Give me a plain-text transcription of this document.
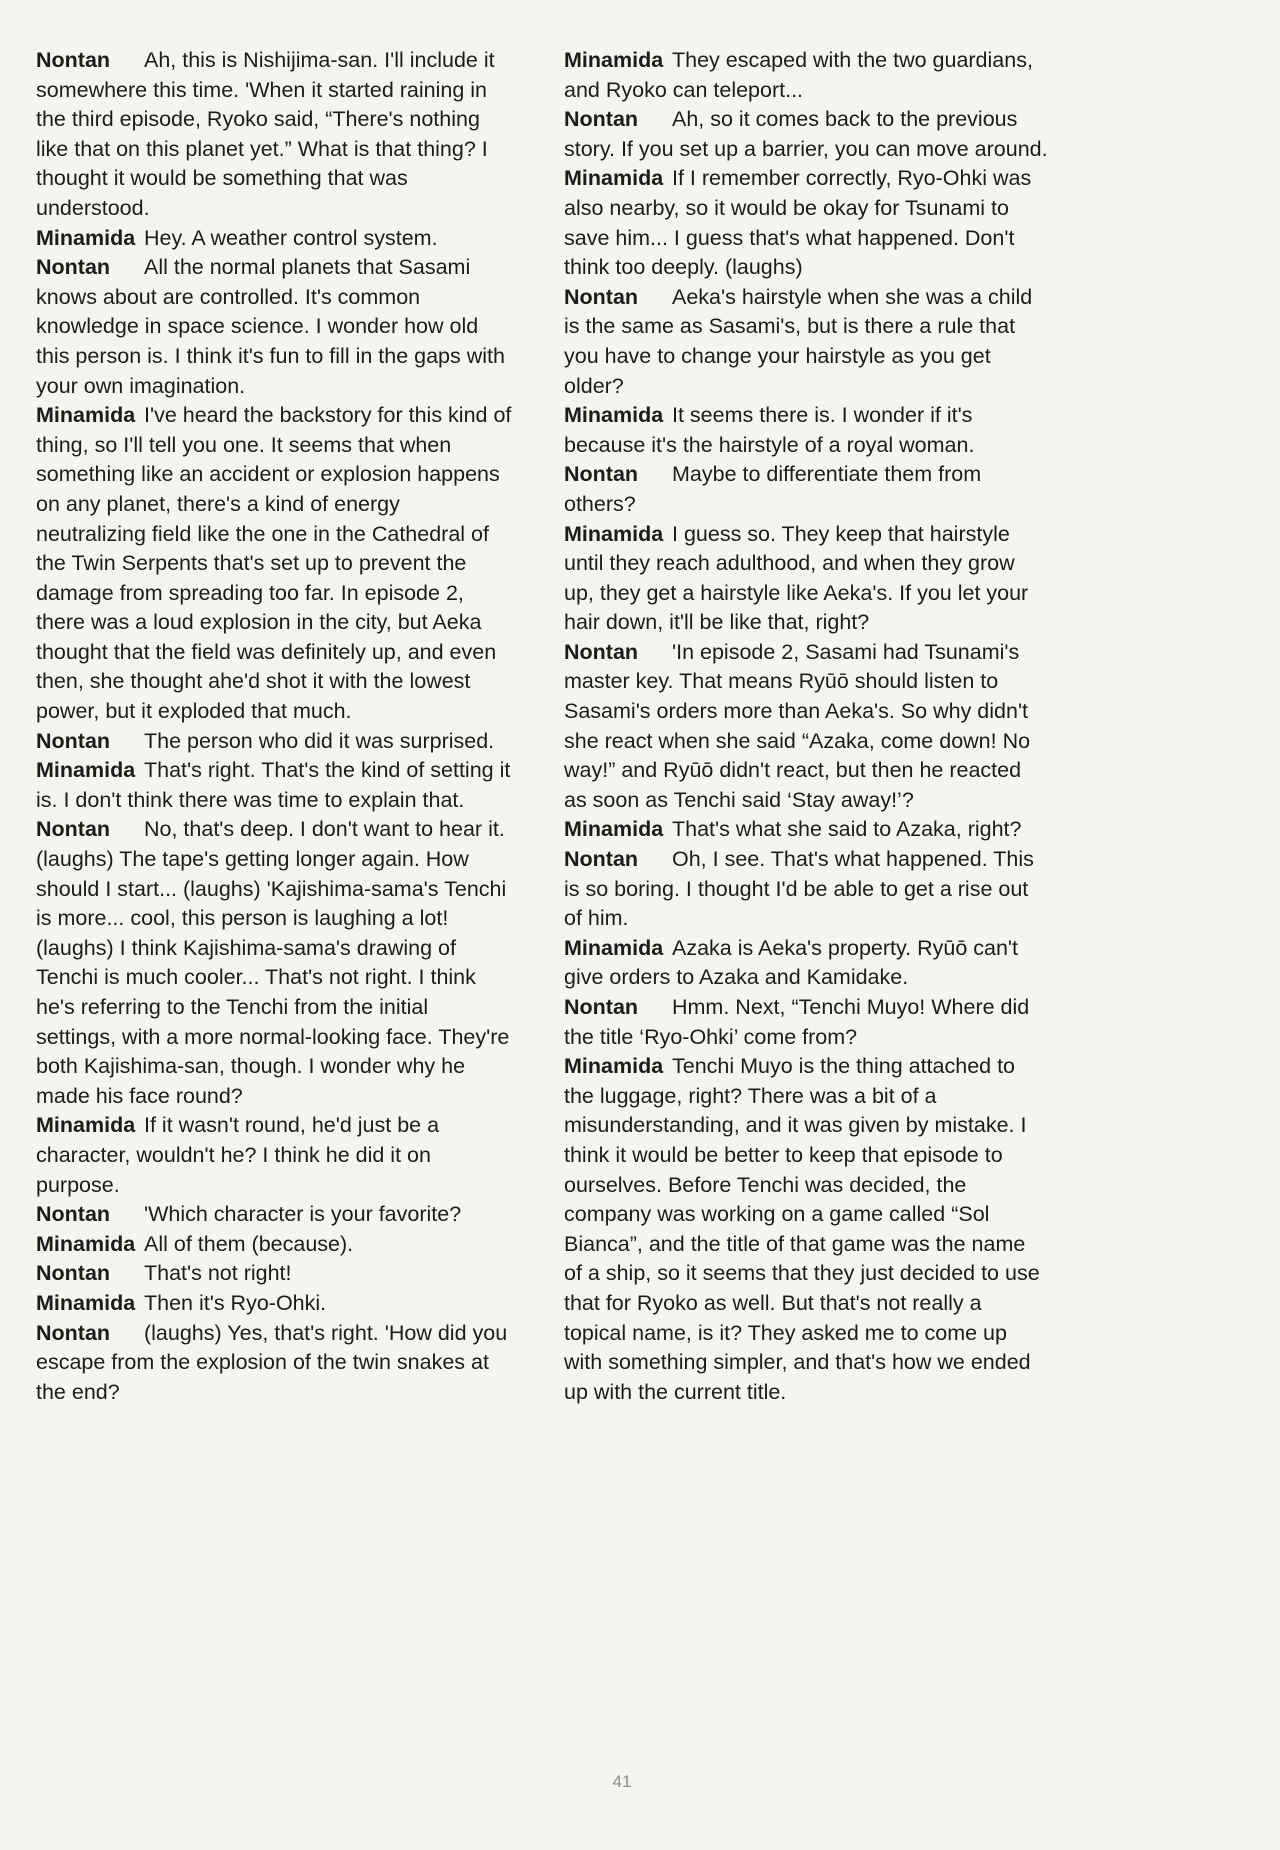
Nontan Ah, this is Nishijima-san. I'll include it somewhere this time. 'When it started raining in the third episode, Ryoko said, “There's nothing like that on this planet yet.” What is that thing? I thought it would be something that was understood.

Minamida Hey. A weather control system.

Nontan All the normal planets that Sasami knows about are controlled. It's common knowledge in space science. I wonder how old this person is. I think it's fun to fill in the gaps with your own imagination.

Minamida I've heard the backstory for this kind of thing, so I'll tell you one. It seems that when something like an accident or explosion happens on any planet, there's a kind of energy neutralizing field like the one in the Cathedral of the Twin Serpents that's set up to prevent the damage from spreading too far. In episode 2, there was a loud explosion in the city, but Aeka thought that the field was definitely up, and even then, she thought ahe'd shot it with the lowest power, but it exploded that much.

Nontan The person who did it was surprised.

Minamida That's right. That's the kind of setting it is. I don't think there was time to explain that.

Nontan No, that's deep. I don't want to hear it. (laughs) The tape's getting longer again. How should I start... (laughs) 'Kajishima-sama's Tenchi is more... cool, this person is laughing a lot! (laughs) I think Kajishima-sama's drawing of Tenchi is much cooler... That's not right. I think he's referring to the Tenchi from the initial settings, with a more normal-looking face. They're both Kajishima-san, though. I wonder why he made his face round?

Minamida If it wasn't round, he'd just be a character, wouldn't he? I think he did it on purpose.

Nontan 'Which character is your favorite?

Minamida All of them (because).

Nontan That's not right!

Minamida Then it's Ryo-Ohki.

Nontan (laughs) Yes, that's right. 'How did you escape from the explosion of the twin snakes at the end?

Minamida They escaped with the two guardians, and Ryoko can teleport...

Nontan Ah, so it comes back to the previous story. If you set up a barrier, you can move around.

Minamida If I remember correctly, Ryo-Ohki was also nearby, so it would be okay for Tsunami to save him... I guess that's what happened. Don't think too deeply. (laughs)

Nontan Aeka's hairstyle when she was a child is the same as Sasami's, but is there a rule that you have to change your hairstyle as you get older?

Minamida It seems there is. I wonder if it's because it's the hairstyle of a royal woman.

Nontan Maybe to differentiate them from others?

Minamida I guess so. They keep that hairstyle until they reach adulthood, and when they grow up, they get a hairstyle like Aeka's. If you let your hair down, it'll be like that, right?

Nontan 'In episode 2, Sasami had Tsunami's master key. That means Ryūō should listen to Sasami's orders more than Aeka's. So why didn't she react when she said “Azaka, come down! No way!” and Ryūō didn't react, but then he reacted as soon as Tenchi said ‘Stay away!’?

Minamida That's what she said to Azaka, right?

Nontan Oh, I see. That's what happened. This is so boring. I thought I'd be able to get a rise out of him.

Minamida Azaka is Aeka's property. Ryūō can't give orders to Azaka and Kamidake.

Nontan Hmm. Next, “Tenchi Muyo! Where did the title ‘Ryo-Ohki’ come from?

Minamida Tenchi Muyo is the thing attached to the luggage, right? There was a bit of a misunderstanding, and it was given by mistake. I think it would be better to keep that episode to ourselves. Before Tenchi was decided, the company was working on a game called “Sol Bianca”, and the title of that game was the name of a ship, so it seems that they just decided to use that for Ryoko as well. But that's not really a topical name, is it? They asked me to come up with something simpler, and that's how we ended up with the current title.

41
